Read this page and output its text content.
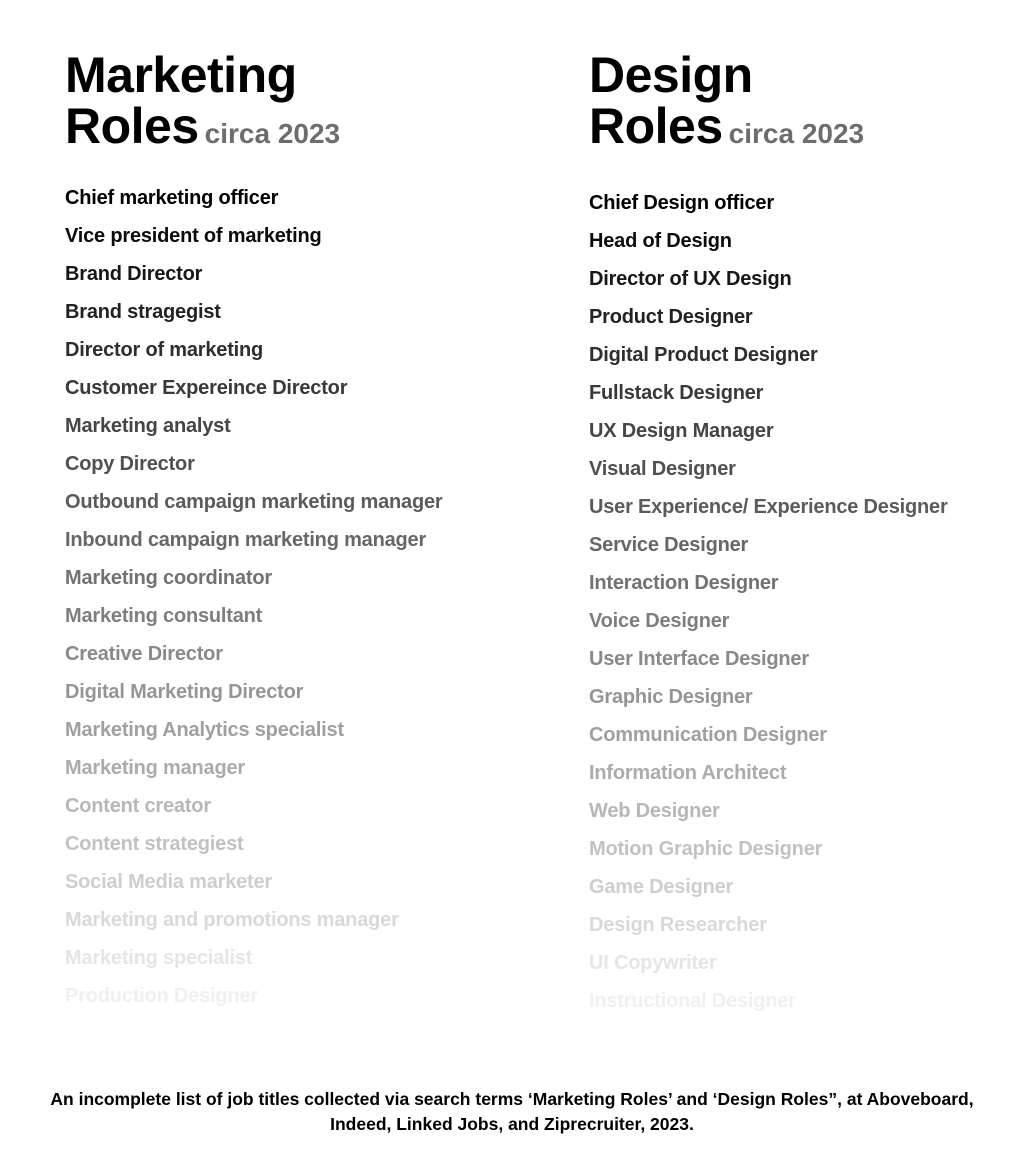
Marketing
Roles circa 2023
Chief marketing officer
Vice president of marketing
Brand Director
Brand stragegist
Director of marketing
Customer Expereince Director
Marketing analyst
Copy Director
Outbound campaign marketing manager
Inbound campaign marketing manager
Marketing coordinator
Marketing consultant
Creative Director
Digital Marketing Director
Marketing Analytics specialist
Marketing manager
Content creator
Content strategiest
Social Media marketer
Marketing and promotions manager
Marketing specialist
Production Designer
Design
Roles circa 2023
Chief Design officer
Head of Design
Director of UX Design
Product Designer
Digital Product Designer
Fullstack Designer
UX Design Manager
Visual Designer
User Experience/ Experience Designer
Service Designer
Interaction Designer
Voice Designer
User Interface Designer
Graphic Designer
Communication Designer
Information Architect
Web Designer
Motion Graphic Designer
Game Designer
Design Researcher
UI Copywriter
Instructional Designer

An incomplete list of job titles collected via search terms ‘Marketing Roles’ and ‘Design Roles”, at Aboveboard, Indeed, Linked Jobs, and Ziprecruiter, 2023.
